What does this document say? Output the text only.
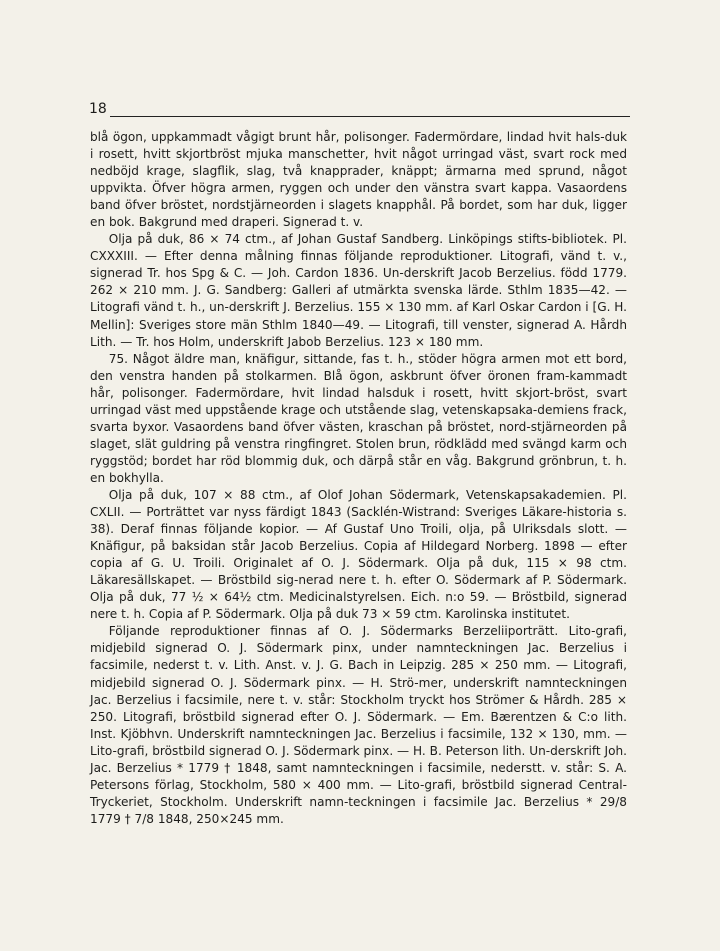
18

blå ögon, uppkammadt vågigt brunt hår, polisonger. Fadermördare, lindad hvit hals-duk i rosett, hvitt skjortbröst mjuka manschetter, hvit något urringad väst, svart rock med nedböjd krage, slagflik, slag, två knapprader, knäppt; ärmarna med sprund, något uppvikta. Öfver högra armen, ryggen och under den vänstra svart kappa. Vasaordens band öfver bröstet, nordstjärneorden i slagets knapphål. På bordet, som har duk, ligger en bok. Bakgrund med draperi. Signerad t. v.

Olja på duk, 86 × 74 ctm., af Johan Gustaf Sandberg. Linköpings stifts-bibliotek. Pl. CXXXIII. — Efter denna målning finnas följande reproduktioner. Litografi, vänd t. v., signerad Tr. hos Spg & C. — Joh. Cardon 1836. Un-derskrift Jacob Berzelius. född 1779. 262 × 210 mm. J. G. Sandberg: Galleri af utmärkta svenska lärde. Sthlm 1835—42. — Litografi vänd t. h., un-derskrift J. Berzelius. 155 × 130 mm. af Karl Oskar Cardon i [G. H. Mellin]: Sveriges store män Sthlm 1840—49. — Litografi, till venster, signerad A. Hårdh Lith. — Tr. hos Holm, underskrift Jabob Berzelius. 123 × 180 mm.

75. Något äldre man, knäfigur, sittande, fas t. h., stöder högra armen mot ett bord, den venstra handen på stolkarmen. Blå ögon, askbrunt öfver öronen fram-kammadt hår, polisonger. Fadermördare, hvit lindad halsduk i rosett, hvitt skjort-bröst, svart urringad väst med uppstående krage och utstående slag, vetenskapsaka-demiens frack, svarta byxor. Vasaordens band öfver västen, kraschan på bröstet, nord-stjärneorden på slaget, slät guldring på venstra ringfingret. Stolen brun, rödklädd med svängd karm och ryggstöd; bordet har röd blommig duk, och därpå står en våg. Bakgrund grönbrun, t. h. en bokhylla.

Olja på duk, 107 × 88 ctm., af Olof Johan Södermark, Vetenskapsakademien. Pl. CXLII. — Porträttet var nyss färdigt 1843 (Sacklén-Wistrand: Sveriges Läkare-historia s. 38). Deraf finnas följande kopior. — Af Gustaf Uno Troili, olja, på Ulriksdals slott. — Knäfigur, på baksidan står Jacob Berzelius. Copia af Hildegard Norberg. 1898 — efter copia af G. U. Troili. Originalet af O. J. Södermark. Olja på duk, 115 × 98 ctm. Läkaresällskapet. — Bröstbild sig-nerad nere t. h. efter O. Södermark af P. Södermark. Olja på duk, 77 ½ × 64½ ctm. Medicinalstyrelsen. Eich. n:o 59. — Bröstbild, signerad nere t. h. Copia af P. Södermark. Olja på duk 73 × 59 ctm. Karolinska institutet.

Följande reproduktioner finnas af O. J. Södermarks Berzeliiporträtt. Lito-grafi, midjebild signerad O. J. Södermark pinx, under namnteckningen Jac. Berzelius i facsimile, nederst t. v. Lith. Anst. v. J. G. Bach in Leipzig. 285 × 250 mm. — Litografi, midjebild signerad O. J. Södermark pinx. — H. Strö-mer, underskrift namnteckningen Jac. Berzelius i facsimile, nere t. v. står: Stockholm tryckt hos Strömer & Hårdh. 285 × 250. Litografi, bröstbild signerad efter O. J. Södermark. — Em. Bærentzen & C:o lith. Inst. Kjöbhvn. Underskrift namnteckningen Jac. Berzelius i facsimile, 132 × 130, mm. — Lito-grafi, bröstbild signerad O. J. Södermark pinx. — H. B. Peterson lith. Un-derskrift Joh. Jac. Berzelius * 1779 † 1848, samt namnteckningen i facsimile, nederstt. v. står: S. A. Petersons förlag, Stockholm, 580 × 400 mm. — Lito-grafi, bröstbild signerad Central-Tryckeriet, Stockholm. Underskrift namn-teckningen i facsimile Jac. Berzelius * 29/8 1779 † 7/8 1848, 250×245 mm.
